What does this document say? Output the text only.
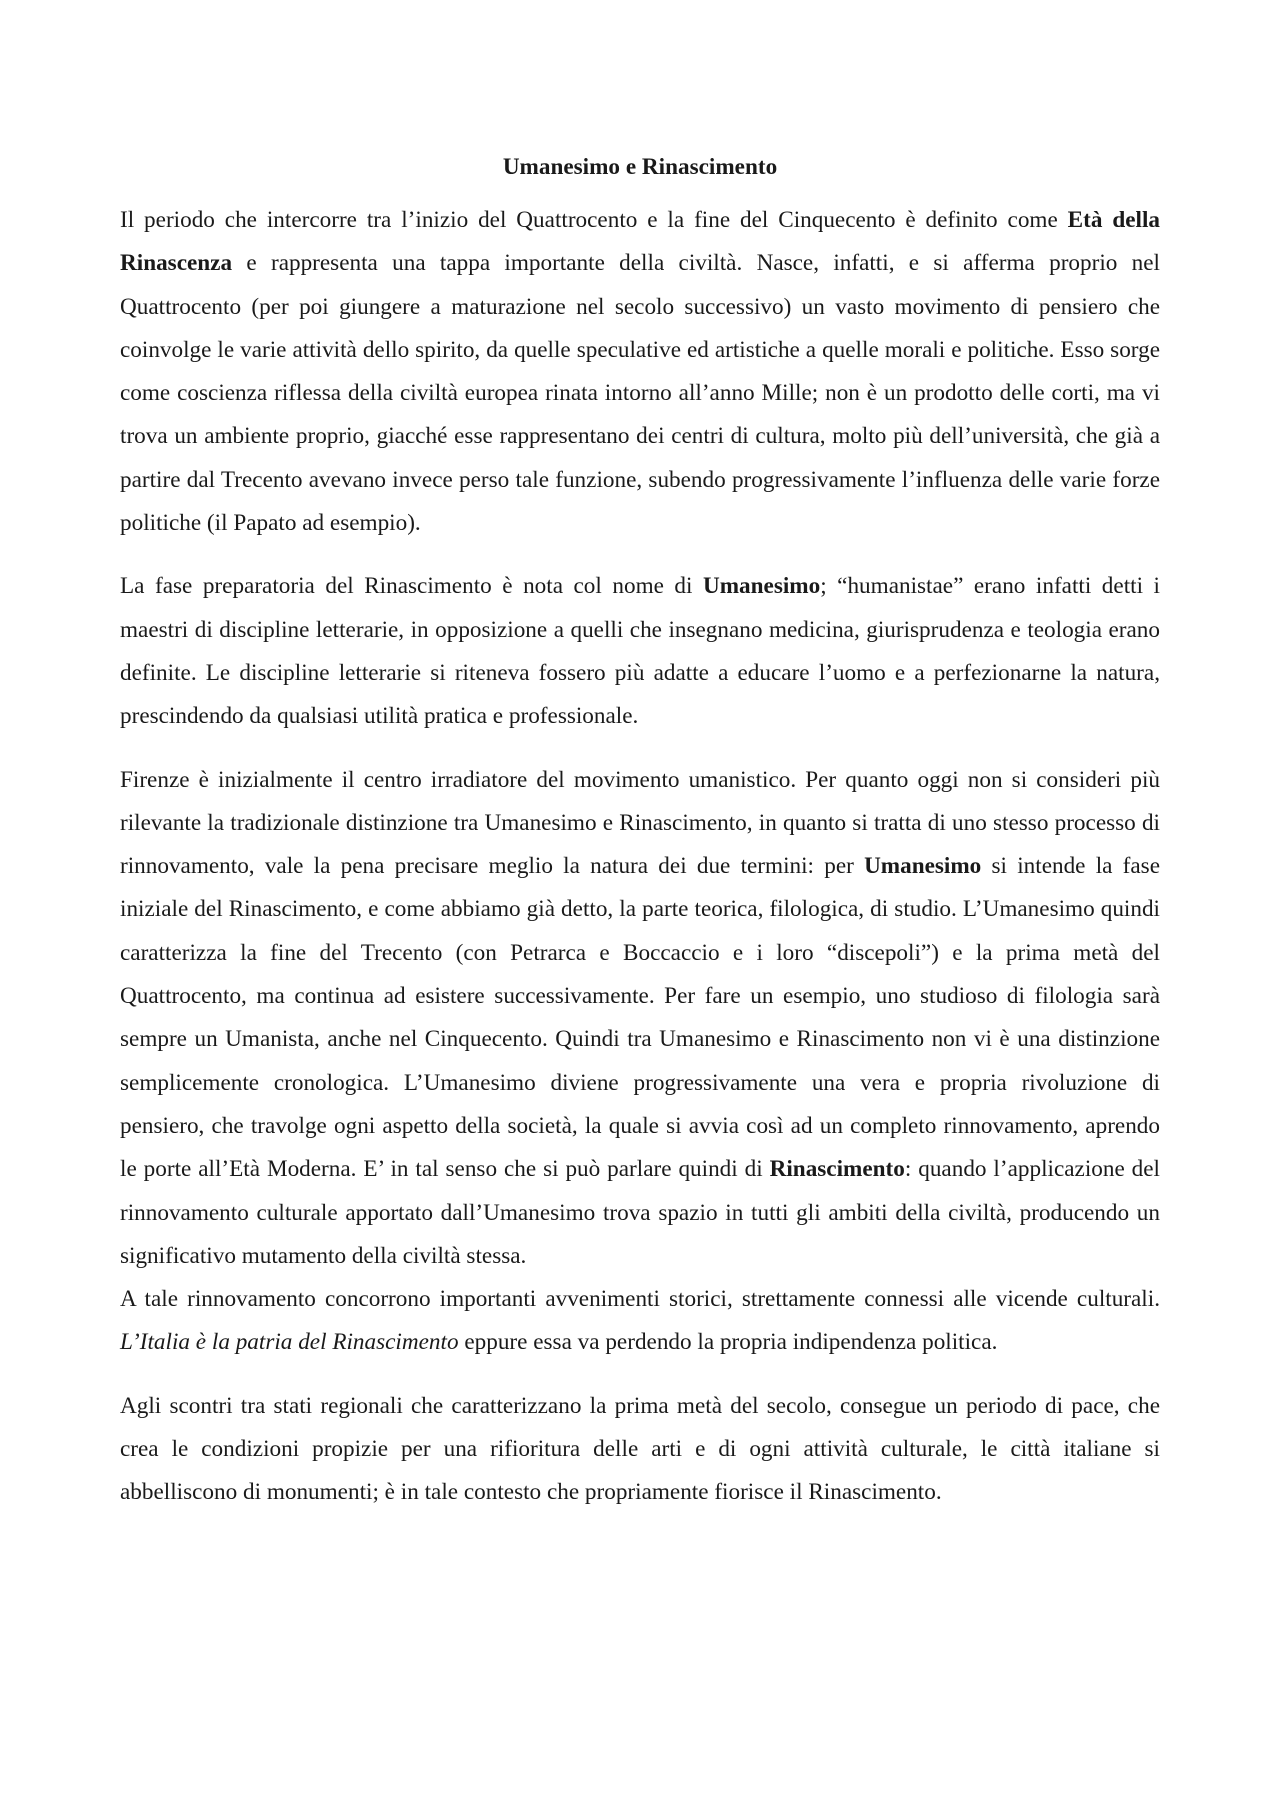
Umanesimo e Rinascimento

Il periodo che intercorre tra l’inizio del Quattrocento e la fine del Cinquecento è definito come Età della Rinascenza e rappresenta una tappa importante della civiltà. Nasce, infatti, e si afferma proprio nel Quattrocento (per poi giungere a maturazione nel secolo successivo) un vasto movimento di pensiero che coinvolge le varie attività dello spirito, da quelle speculative ed artistiche a quelle morali e politiche. Esso sorge come coscienza riflessa della civiltà europea rinata intorno all’anno Mille; non è un prodotto delle corti, ma vi trova un ambiente proprio, giacché esse rappresentano dei centri di cultura, molto più dell’università, che già a partire dal Trecento avevano invece perso tale funzione, subendo progressivamente l’influenza delle varie forze politiche (il Papato ad esempio).

La fase preparatoria del Rinascimento è nota col nome di Umanesimo; “humanistae” erano infatti detti i maestri di discipline letterarie, in opposizione a quelli che insegnano medicina, giurisprudenza e teologia erano definite. Le discipline letterarie si riteneva fossero più adatte a educare l’uomo e a perfezionarne la natura, prescindendo da qualsiasi utilità pratica e professionale.

Firenze è inizialmente il centro irradiatore del movimento umanistico. Per quanto oggi non si consideri più rilevante la tradizionale distinzione tra Umanesimo e Rinascimento, in quanto si tratta di uno stesso processo di rinnovamento, vale la pena precisare meglio la natura dei due termini: per Umanesimo si intende la fase iniziale del Rinascimento, e come abbiamo già detto, la parte teorica, filologica, di studio. L’Umanesimo quindi caratterizza la fine del Trecento (con Petrarca e Boccaccio e i loro “discepoli”) e la prima metà del Quattrocento, ma continua ad esistere successivamente. Per fare un esempio, uno studioso di filologia sarà sempre un Umanista, anche nel Cinquecento. Quindi tra Umanesimo e Rinascimento non vi è una distinzione semplicemente cronologica. L’Umanesimo diviene progressivamente una vera e propria rivoluzione di pensiero, che travolge ogni aspetto della società, la quale si avvia così ad un completo rinnovamento, aprendo le porte all’Età Moderna. E’ in tal senso che si può parlare quindi di Rinascimento: quando l’applicazione del rinnovamento culturale apportato dall’Umanesimo trova spazio in tutti gli ambiti della civiltà, producendo un significativo mutamento della civiltà stessa.

A tale rinnovamento concorrono importanti avvenimenti storici, strettamente connessi alle vicende culturali. L’Italia è la patria del Rinascimento eppure essa va perdendo la propria indipendenza politica.

Agli scontri tra stati regionali che caratterizzano la prima metà del secolo, consegue un periodo di pace, che crea le condizioni propizie per una rifioritura delle arti e di ogni attività culturale, le città italiane si abbelliscono di monumenti; è in tale contesto che propriamente fiorisce il Rinascimento.
